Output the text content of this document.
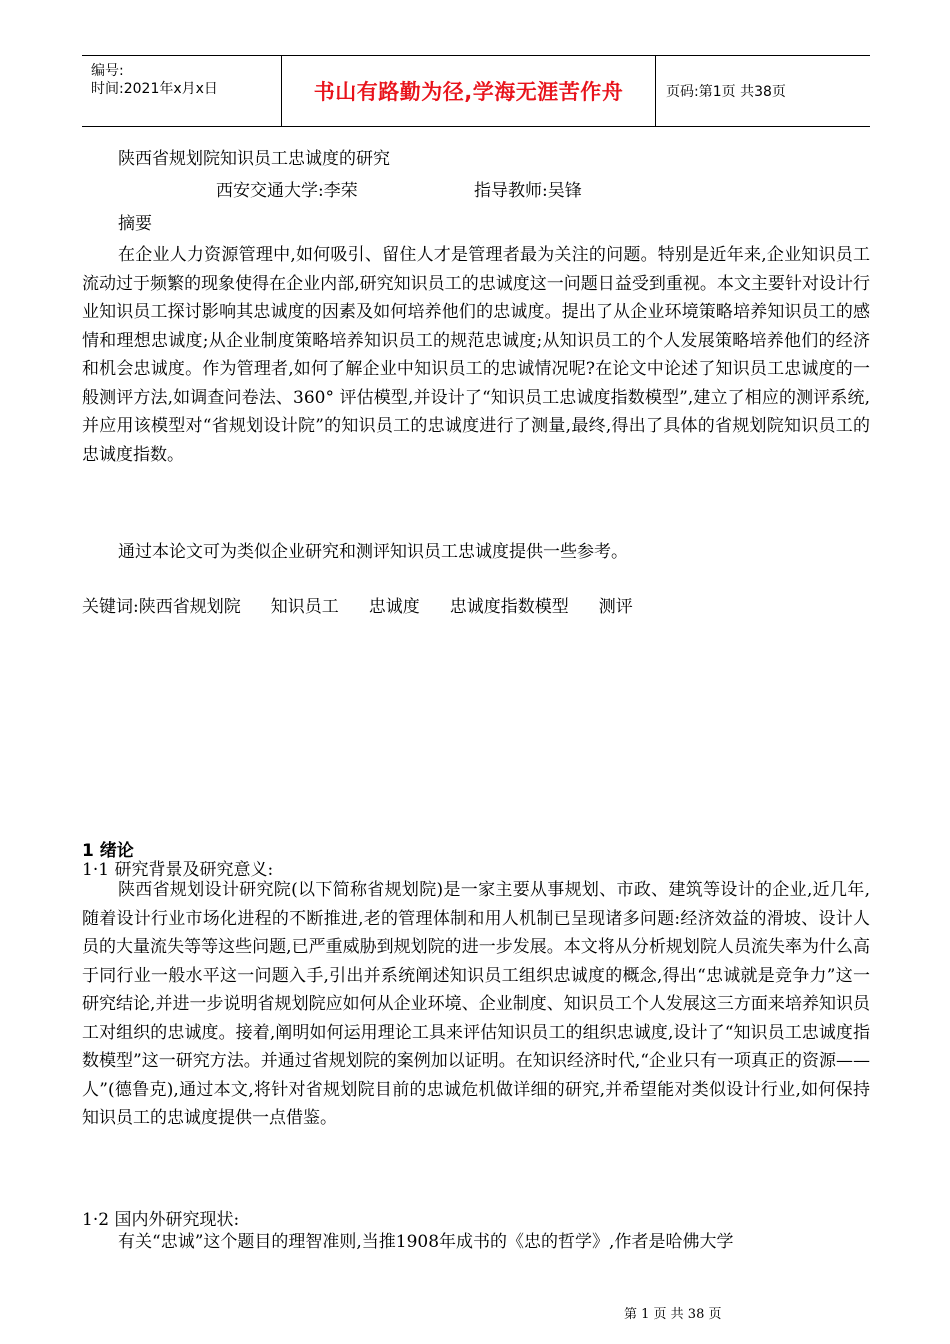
编号:
时间:2021年x月x日	书山有路勤为径,学海无涯苦作舟	页码:第1页 共38页
陕西省规划院知识员工忠诚度的研究
西安交通大学:李荣	指导教师:吴锋
摘要

在企业人力资源管理中,如何吸引、留住人才是管理者最为关注的问题。特别是近年来,企业知识员工流动过于频繁的现象使得在企业内部,研究知识员工的忠诚度这一问题日益受到重视。本文主要针对设计行业知识员工探讨影响其忠诚度的因素及如何培养他们的忠诚度。提出了从企业环境策略培养知识员工的感情和理想忠诚度;从企业制度策略培养知识员工的规范忠诚度;从知识员工的个人发展策略培养他们的经济和机会忠诚度。作为管理者,如何了解企业中知识员工的忠诚情况呢?在论文中论述了知识员工忠诚度的一般测评方法,如调查问卷法、360° 评估模型,并设计了“知识员工忠诚度指数模型”,建立了相应的测评系统,并应用该模型对“省规划设计院”的知识员工的忠诚度进行了测量,最终,得出了具体的省规划院知识员工的忠诚度指数。

通过本论文可为类似企业研究和测评知识员工忠诚度提供一些参考。

关键词:陕西省规划院 知识员工 忠诚度 忠诚度指数模型 测评
1 绪论
1·1 研究背景及研究意义:

陕西省规划设计研究院(以下简称省规划院)是一家主要从事规划、市政、建筑等设计的企业,近几年,随着设计行业市场化进程的不断推进,老的管理体制和用人机制已呈现诸多问题:经济效益的滑坡、设计人员的大量流失等等这些问题,已严重威胁到规划院的进一步发展。本文将从分析规划院人员流失率为什么高于同行业一般水平这一问题入手,引出并系统阐述知识员工组织忠诚度的概念,得出“忠诚就是竞争力”这一研究结论,并进一步说明省规划院应如何从企业环境、企业制度、知识员工个人发展这三方面来培养知识员工对组织的忠诚度。接着,阐明如何运用理论工具来评估知识员工的组织忠诚度,设计了“知识员工忠诚度指数模型”这一研究方法。并通过省规划院的案例加以证明。在知识经济时代,“企业只有一项真正的资源——人”(德鲁克),通过本文,将针对省规划院目前的忠诚危机做详细的研究,并希望能对类似设计行业,如何保持知识员工的忠诚度提供一点借鉴。

1·2 国内外研究现状:

有关“忠诚”这个题目的理智准则,当推1908年成书的《忠的哲学》,作者是哈佛大学

第 1 页 共 38 页
